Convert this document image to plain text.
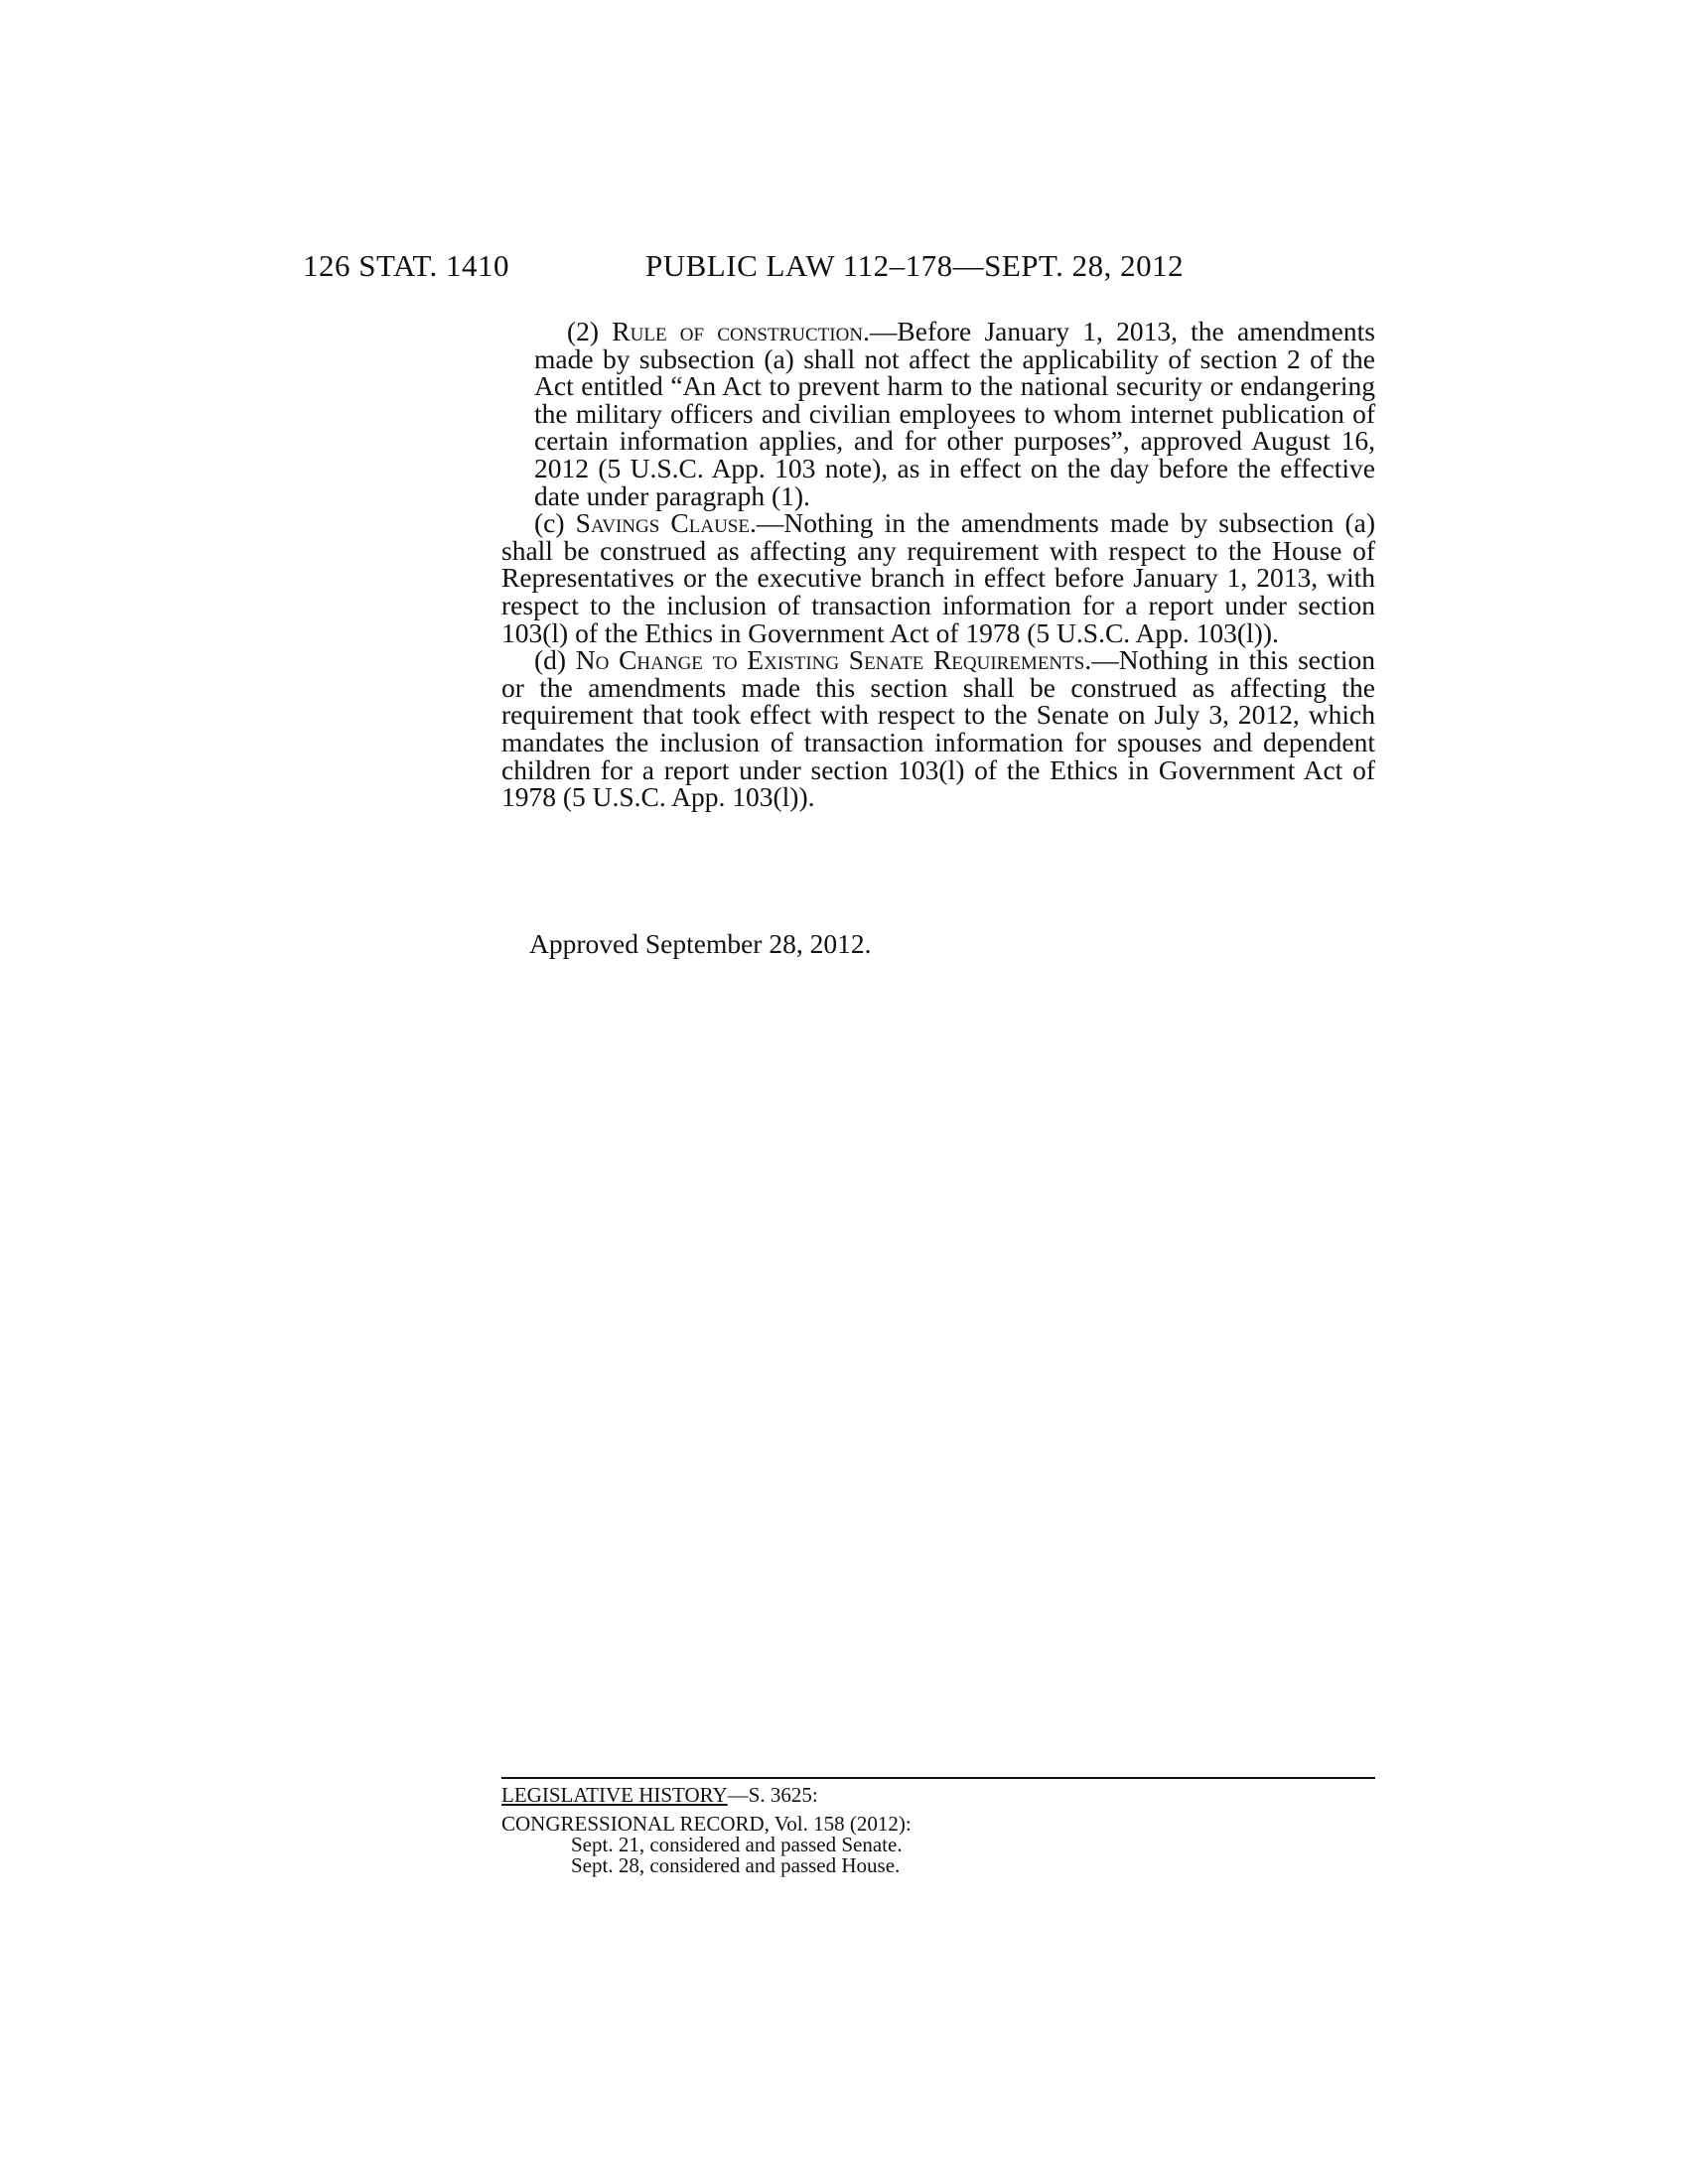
126 STAT. 1410	PUBLIC LAW 112–178—SEPT. 28, 2012

(2) Rule of construction.—Before January 1, 2013, the amendments made by subsection (a) shall not affect the applicability of section 2 of the Act entitled “An Act to prevent harm to the national security or endangering the military officers and civilian employees to whom internet publication of certain information applies, and for other purposes”, approved August 16, 2012 (5 U.S.C. App. 103 note), as in effect on the day before the effective date under paragraph (1).

(c) Savings Clause.—Nothing in the amendments made by subsection (a) shall be construed as affecting any requirement with respect to the House of Representatives or the executive branch in effect before January 1, 2013, with respect to the inclusion of transaction information for a report under section 103(l) of the Ethics in Government Act of 1978 (5 U.S.C. App. 103(l)).

(d) No Change to Existing Senate Requirements.—Nothing in this section or the amendments made this section shall be construed as affecting the requirement that took effect with respect to the Senate on July 3, 2012, which mandates the inclusion of transaction information for spouses and dependent children for a report under section 103(l) of the Ethics in Government Act of 1978 (5 U.S.C. App. 103(l)).

Approved September 28, 2012.
LEGISLATIVE HISTORY—S. 3625:
CONGRESSIONAL RECORD, Vol. 158 (2012):
Sept. 21, considered and passed Senate.
Sept. 28, considered and passed House.
